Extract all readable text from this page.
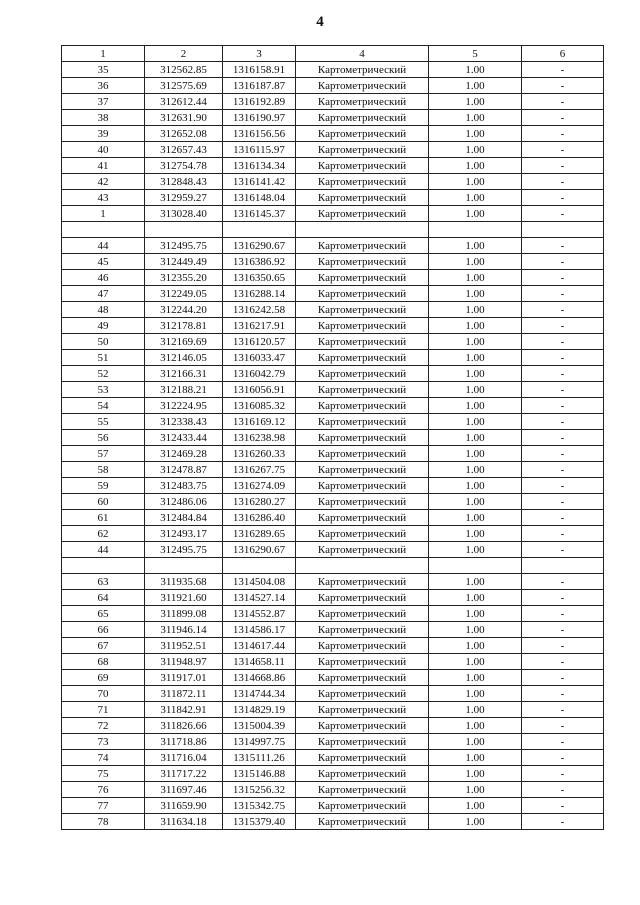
4
1	2	3	4	5	6
35	312562.85	1316158.91	Картометрический	1.00	-
36	312575.69	1316187.87	Картометрический	1.00	-
37	312612.44	1316192.89	Картометрический	1.00	-
38	312631.90	1316190.97	Картометрический	1.00	-
39	312652.08	1316156.56	Картометрический	1.00	-
40	312657.43	1316115.97	Картометрический	1.00	-
41	312754.78	1316134.34	Картометрический	1.00	-
42	312848.43	1316141.42	Картометрический	1.00	-
43	312959.27	1316148.04	Картометрический	1.00	-
1	313028.40	1316145.37	Картометрический	1.00	-

44	312495.75	1316290.67	Картометрический	1.00	-
45	312449.49	1316386.92	Картометрический	1.00	-
46	312355.20	1316350.65	Картометрический	1.00	-
47	312249.05	1316288.14	Картометрический	1.00	-
48	312244.20	1316242.58	Картометрический	1.00	-
49	312178.81	1316217.91	Картометрический	1.00	-
50	312169.69	1316120.57	Картометрический	1.00	-
51	312146.05	1316033.47	Картометрический	1.00	-
52	312166.31	1316042.79	Картометрический	1.00	-
53	312188.21	1316056.91	Картометрический	1.00	-
54	312224.95	1316085.32	Картометрический	1.00	-
55	312338.43	1316169.12	Картометрический	1.00	-
56	312433.44	1316238.98	Картометрический	1.00	-
57	312469.28	1316260.33	Картометрический	1.00	-
58	312478.87	1316267.75	Картометрический	1.00	-
59	312483.75	1316274.09	Картометрический	1.00	-
60	312486.06	1316280.27	Картометрический	1.00	-
61	312484.84	1316286.40	Картометрический	1.00	-
62	312493.17	1316289.65	Картометрический	1.00	-
44	312495.75	1316290.67	Картометрический	1.00	-

63	311935.68	1314504.08	Картометрический	1.00	-
64	311921.60	1314527.14	Картометрический	1.00	-
65	311899.08	1314552.87	Картометрический	1.00	-
66	311946.14	1314586.17	Картометрический	1.00	-
67	311952.51	1314617.44	Картометрический	1.00	-
68	311948.97	1314658.11	Картометрический	1.00	-
69	311917.01	1314668.86	Картометрический	1.00	-
70	311872.11	1314744.34	Картометрический	1.00	-
71	311842.91	1314829.19	Картометрический	1.00	-
72	311826.66	1315004.39	Картометрический	1.00	-
73	311718.86	1314997.75	Картометрический	1.00	-
74	311716.04	1315111.26	Картометрический	1.00	-
75	311717.22	1315146.88	Картометрический	1.00	-
76	311697.46	1315256.32	Картометрический	1.00	-
77	311659.90	1315342.75	Картометрический	1.00	-
78	311634.18	1315379.40	Картометрический	1.00	-
